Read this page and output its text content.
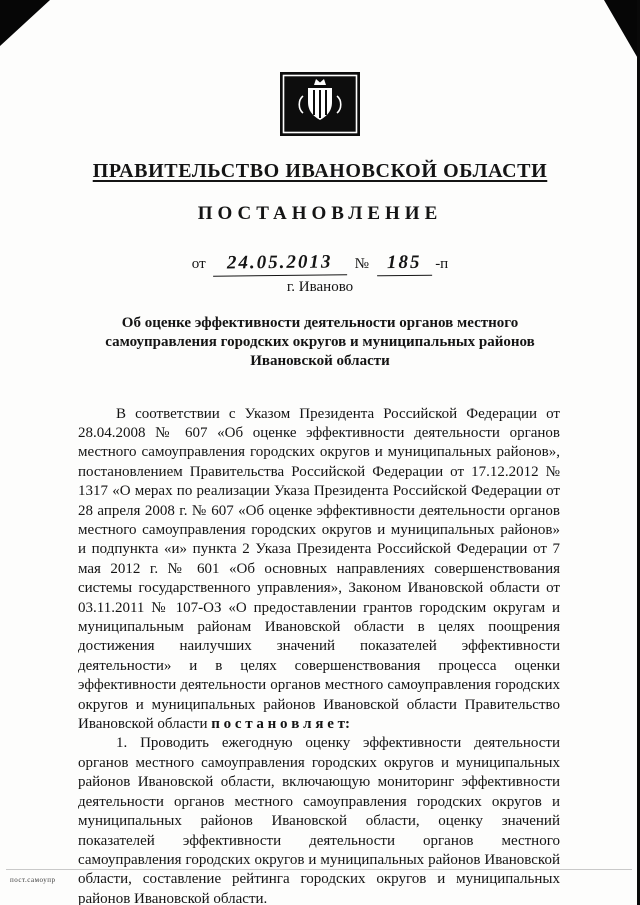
ПРАВИТЕЛЬСТВО ИВАНОВСКОЙ ОБЛАСТИ
ПОСТАНОВЛЕНИЕ
от 24.05.2013 № 185 -п
г. Иваново
Об оценке эффективности деятельности органов местного самоуправления городских округов и муниципальных районов Ивановской области

В соответствии с Указом Президента Российской Федерации от 28.04.2008 № 607 «Об оценке эффективности деятельности органов местного самоуправления городских округов и муниципальных районов», постановлением Правительства Российской Федерации от 17.12.2012 № 1317 «О мерах по реализации Указа Президента Российской Федерации от 28 апреля 2008 г. № 607 «Об оценке эффективности деятельности органов местного самоуправления городских округов и муниципальных районов» и подпункта «и» пункта 2 Указа Президента Российской Федерации от 7 мая 2012 г. № 601 «Об основных направлениях совершенствования системы государственного управления», Законом Ивановской области от 03.11.2011 № 107-ОЗ «О предоставлении грантов городским округам и муниципальным районам Ивановской области в целях поощрения достижения наилучших значений показателей эффективности деятельности» и в целях совершенствования процесса оценки эффективности деятельности органов местного самоуправления городских округов и муниципальных районов Ивановской области Правительство Ивановской области п о с т а н о в л я е т:

1. Проводить ежегодную оценку эффективности деятельности органов местного самоуправления городских округов и муниципальных районов Ивановской области, включающую мониторинг эффективности деятельности органов местного самоуправления городских округов и муниципальных районов Ивановской области, оценку значений показателей эффективности деятельности органов местного самоуправления городских округов и муниципальных районов Ивановской области, составление рейтинга городских округов и муниципальных районов Ивановской области.

пост.самоупр
